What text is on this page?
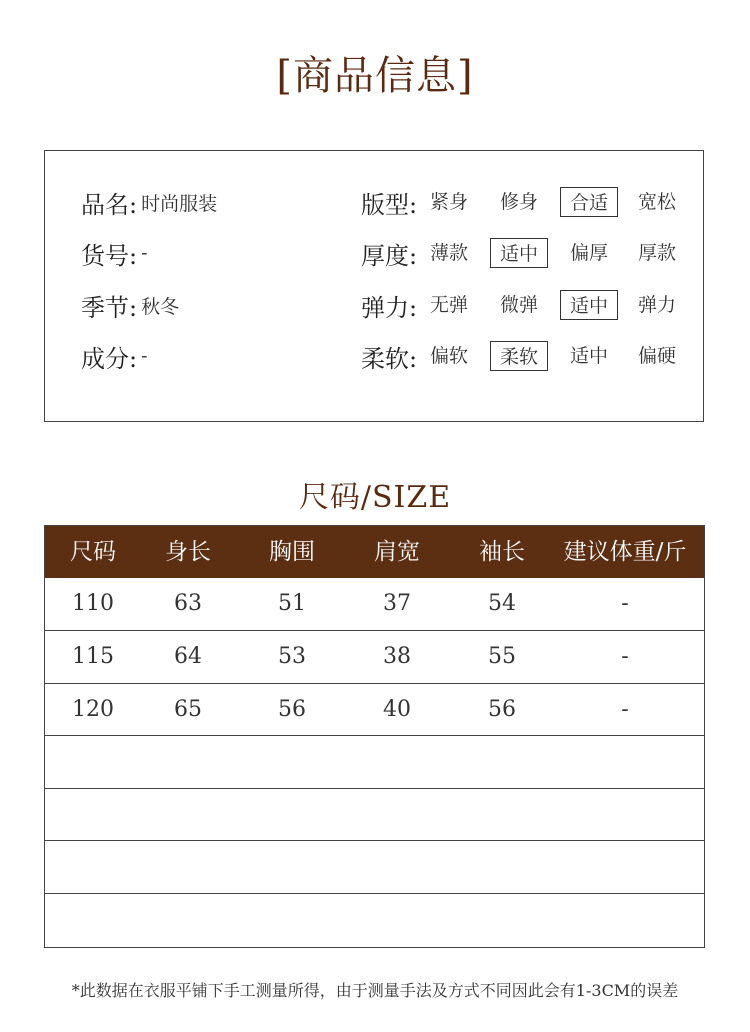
[商品信息]
品名: 时尚服装
货号: -
季节: 秋冬
成分: -
版型: 紧身	修身	合适	宽松
厚度: 薄款	适中	偏厚	厚款
弹力: 无弹	微弹	适中	弹力
柔软: 偏软	柔软	适中	偏硬
尺码/SIZE
尺码	身长	胸围	肩宽	袖长	建议体重/斤
110	63	51	37	54	-
115	64	53	38	55	-
120	65	56	40	56	-
*此数据在衣服平铺下手工测量所得，由于测量手法及方式不同因此会有1-3CM的误差
